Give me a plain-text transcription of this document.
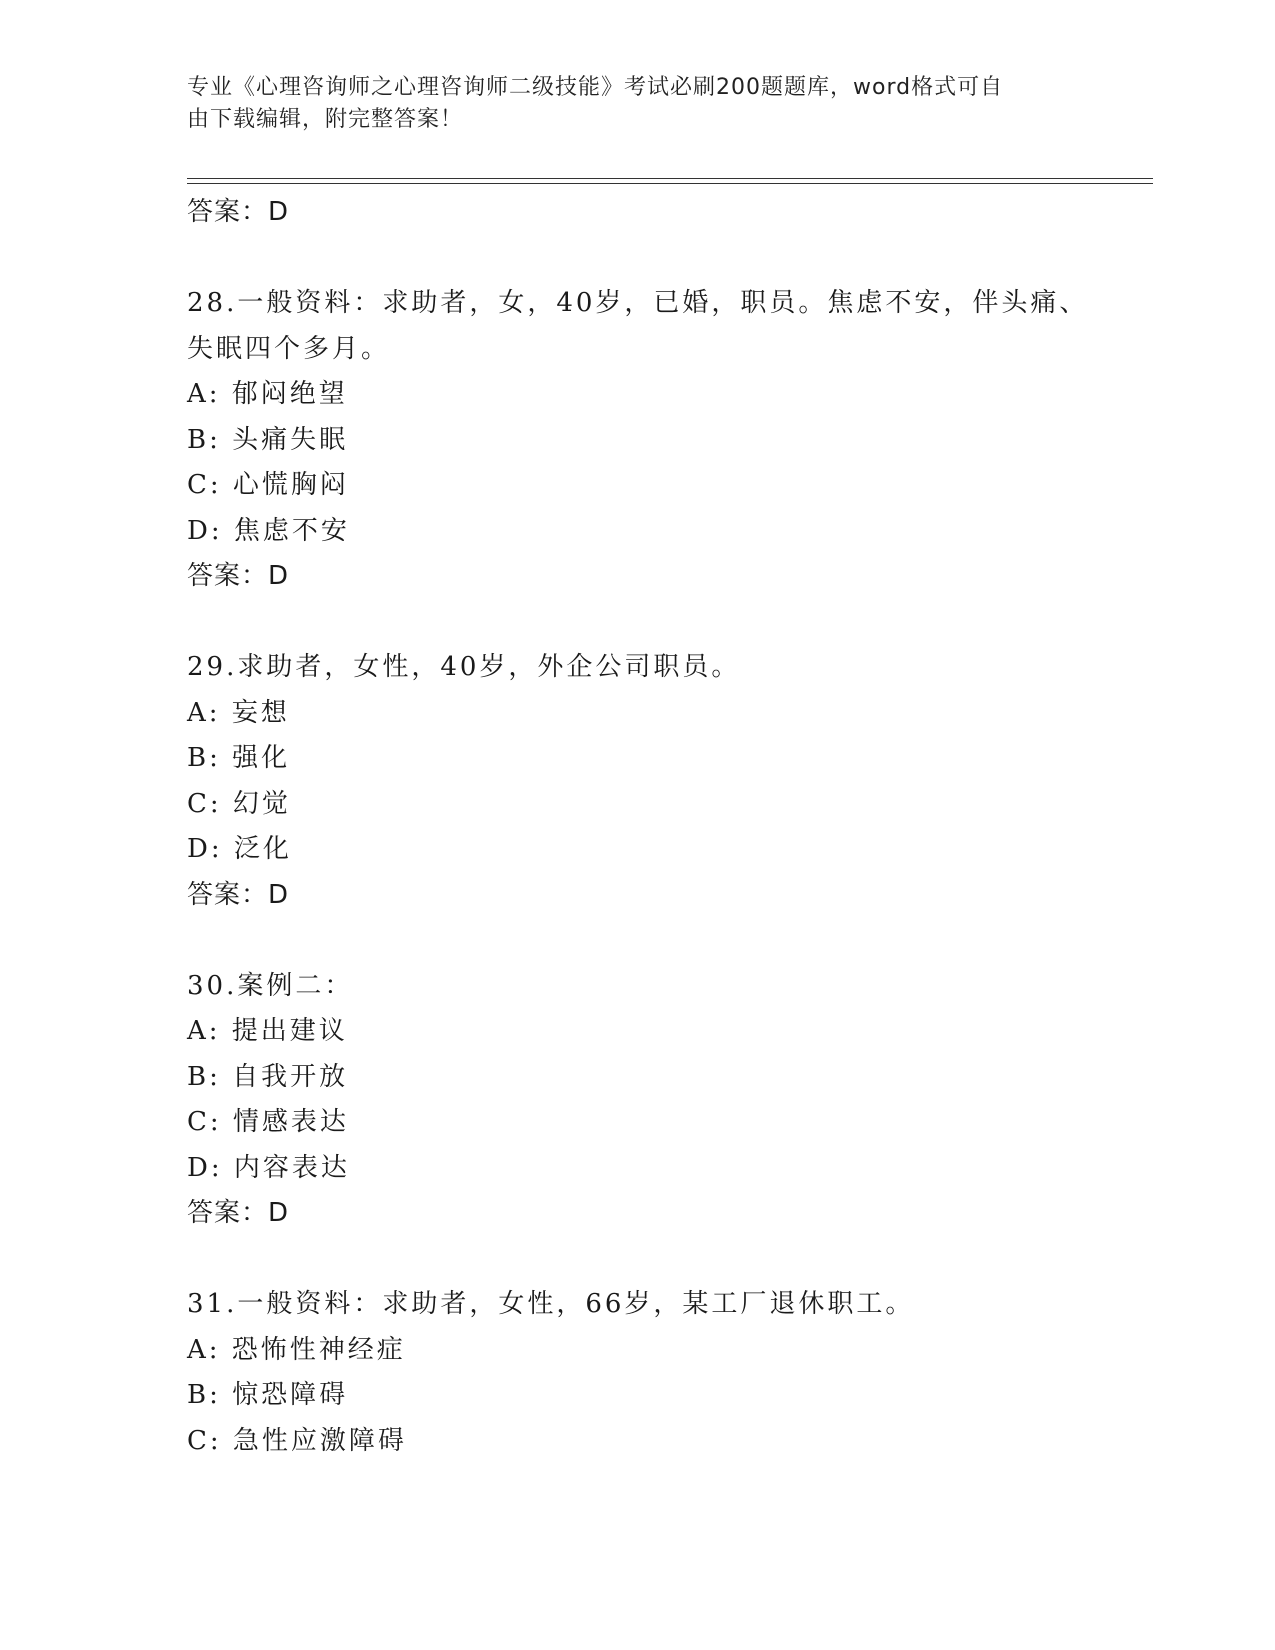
专业《心理咨询师之心理咨询师二级技能》考试必刷200题题库，word格式可自
由下载编辑，附完整答案！
答案：D
28.一般资料：求助者，女，40岁，已婚，职员。焦虑不安，伴头痛、
失眠四个多月。
A: 郁闷绝望
B: 头痛失眠
C: 心慌胸闷
D: 焦虑不安
答案：D
29.求助者，女性，40岁，外企公司职员。
A: 妄想
B: 强化
C: 幻觉
D: 泛化
答案：D
30.案例二：
A: 提出建议
B: 自我开放
C: 情感表达
D: 内容表达
答案：D
31.一般资料：求助者，女性，66岁，某工厂退休职工。
A: 恐怖性神经症
B: 惊恐障碍
C: 急性应激障碍
